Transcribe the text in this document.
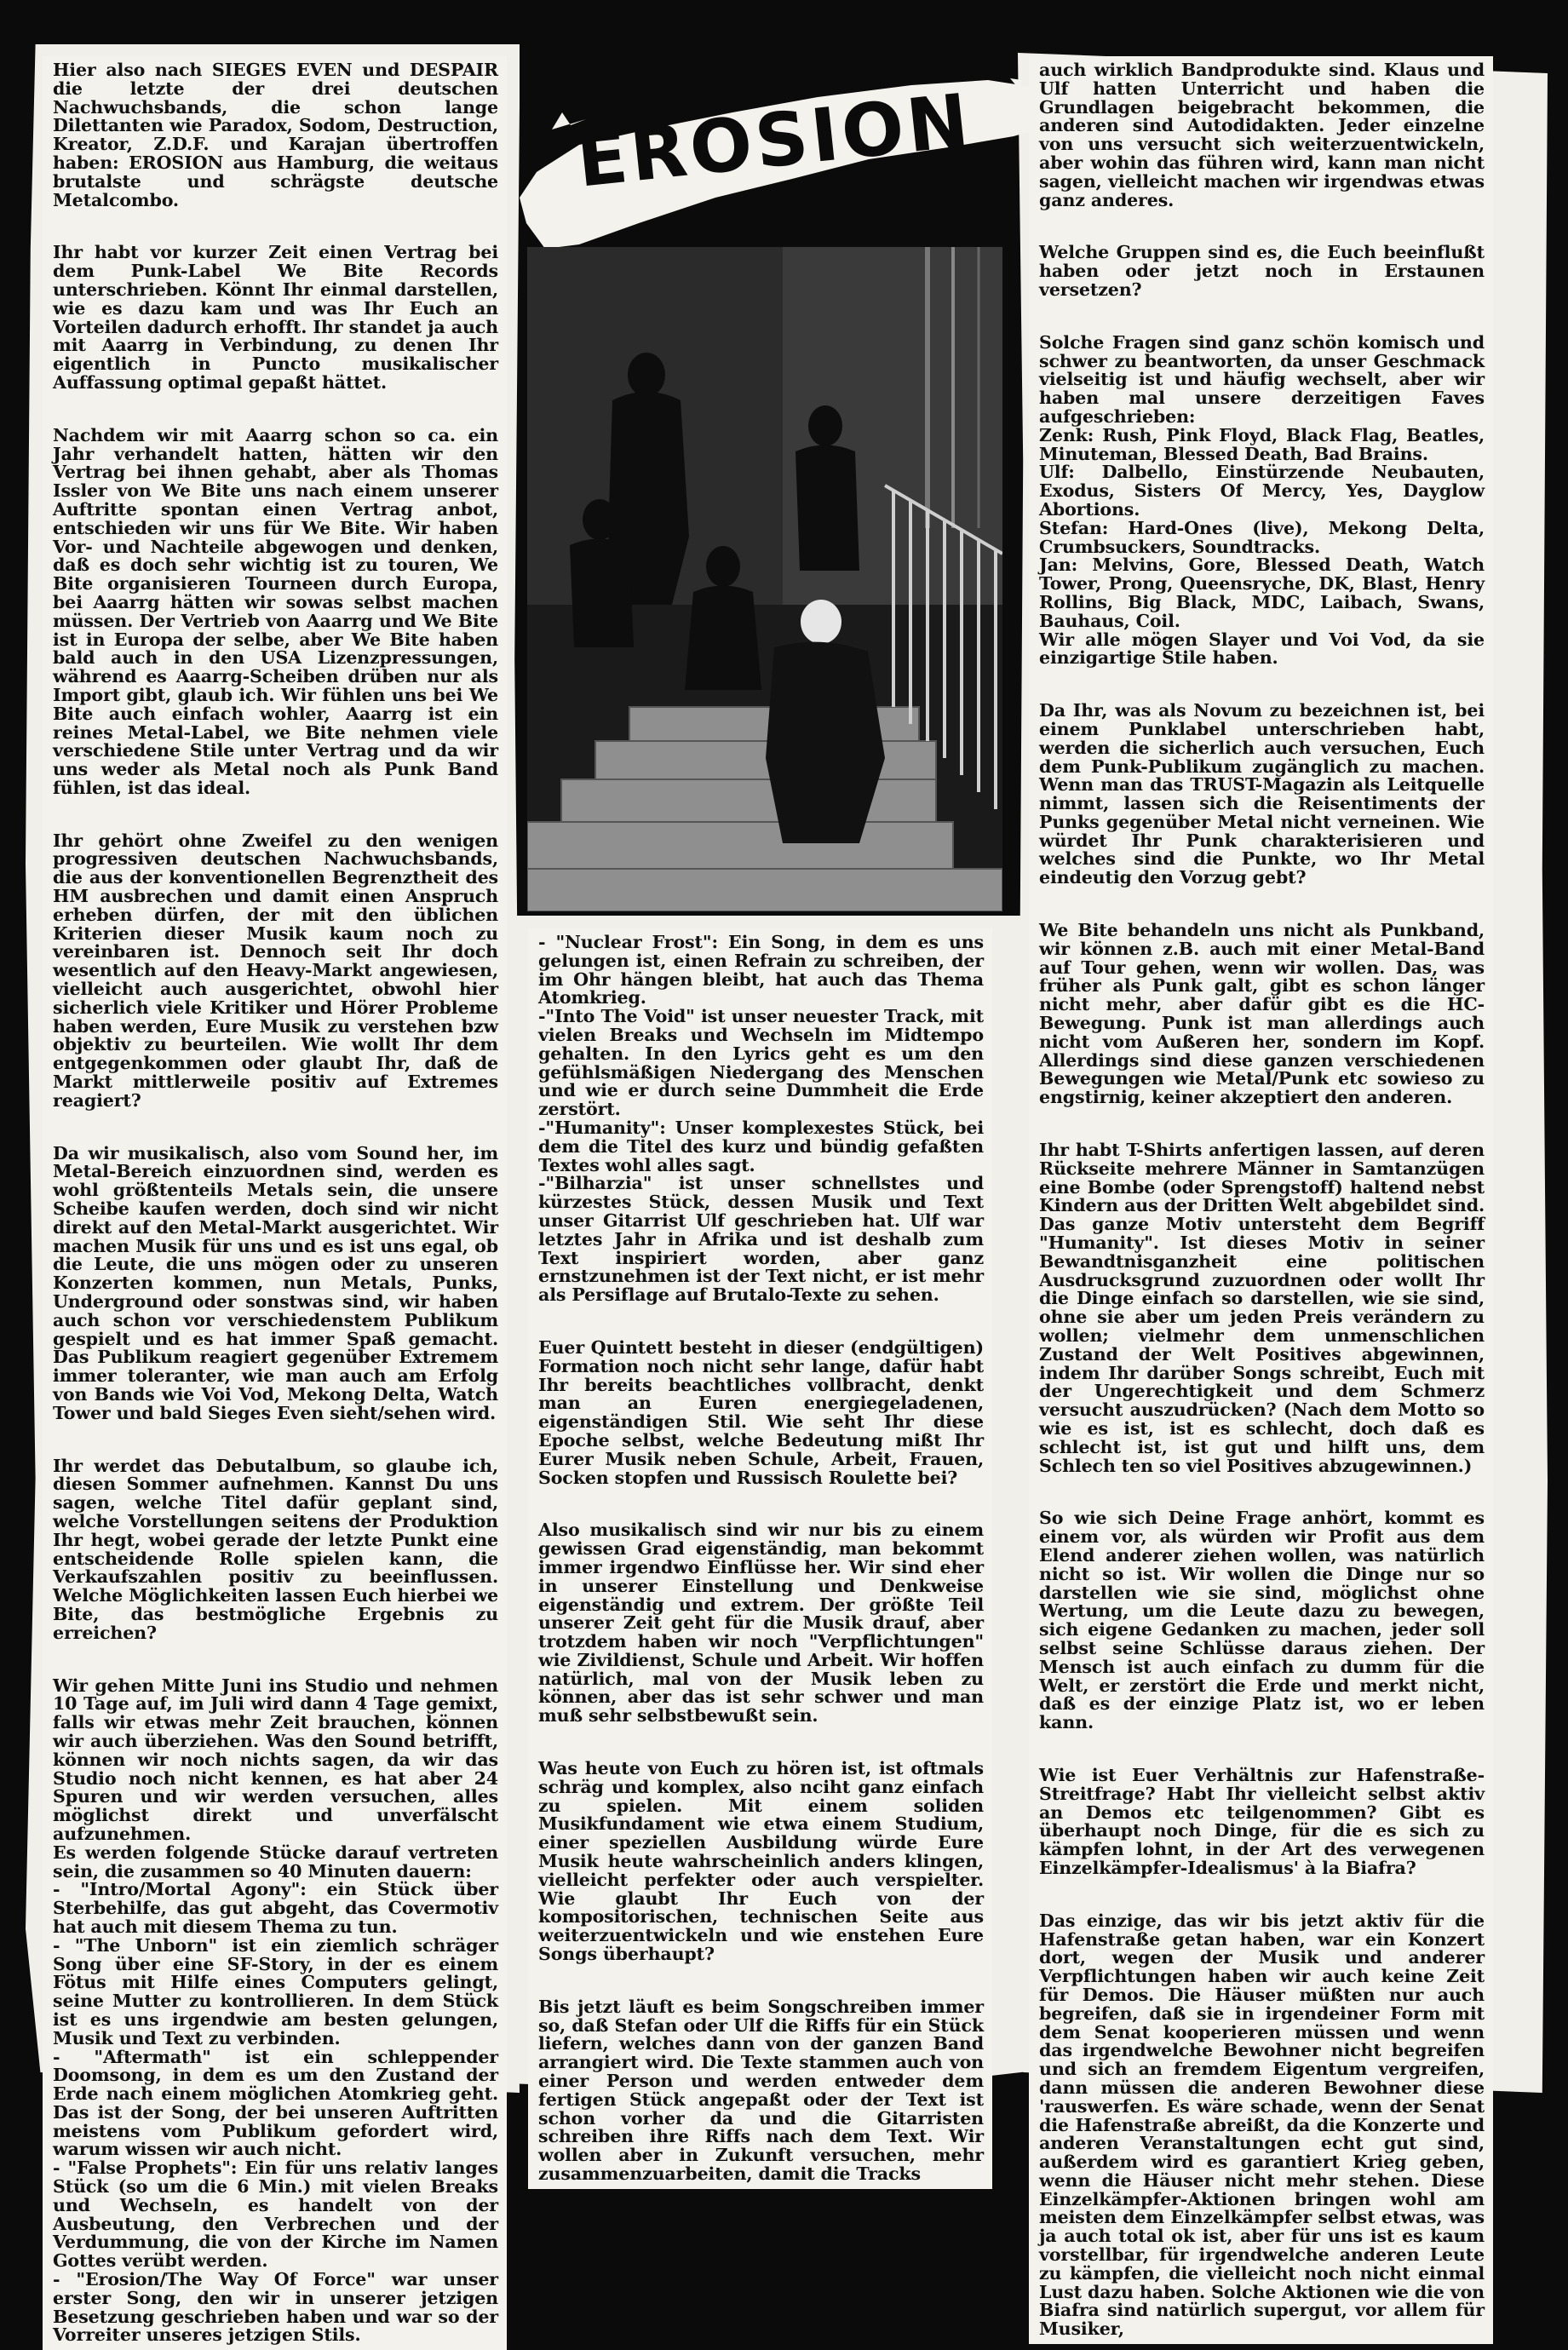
EROSION

Hier also nach SIEGES EVEN und DESPAIR die letzte der drei deutschen Nachwuchsbands, die schon lange Dilettanten wie Paradox, Sodom, Destruction, Kreator, Z.D.F. und Karajan übertroffen haben: EROSION aus Hamburg, die weitaus brutalste und schrägste deutsche Metalcombo.

Ihr habt vor kurzer Zeit einen Vertrag bei dem Punk-Label We Bite Records unterschrieben. Könnt Ihr einmal darstellen, wie es dazu kam und was Ihr Euch an Vorteilen dadurch erhofft. Ihr standet ja auch mit Aaarrg in Verbindung, zu denen Ihr eigentlich in Puncto musikalischer Auffassung optimal gepaßt hättet.

Nachdem wir mit Aaarrg schon so ca. ein Jahr verhandelt hatten, hätten wir den Vertrag bei ihnen gehabt, aber als Thomas Issler von We Bite uns nach einem unserer Auftritte spontan einen Vertrag anbot, entschieden wir uns für We Bite. Wir haben Vor- und Nachteile abgewogen und denken, daß es doch sehr wichtig ist zu touren, We Bite organisieren Tourneen durch Europa, bei Aaarrg hätten wir sowas selbst machen müssen. Der Vertrieb von Aaarrg und We Bite ist in Europa der selbe, aber We Bite haben bald auch in den USA Lizenzpressungen, während es Aaarrg-Scheiben drüben nur als Import gibt, glaub ich. Wir fühlen uns bei We Bite auch einfach wohler, Aaarrg ist ein reines Metal-Label, we Bite nehmen viele verschiedene Stile unter Vertrag und da wir uns weder als Metal noch als Punk Band fühlen, ist das ideal.

Ihr gehört ohne Zweifel zu den wenigen progressiven deutschen Nachwuchsbands, die aus der konventionellen Begrenztheit des HM ausbrechen und damit einen Anspruch erheben dürfen, der mit den üblichen Kriterien dieser Musik kaum noch zu vereinbaren ist. Dennoch seit Ihr doch wesentlich auf den Heavy-Markt angewiesen, vielleicht auch ausgerichtet, obwohl hier sicherlich viele Kritiker und Hörer Probleme haben werden, Eure Musik zu verstehen bzw objektiv zu beurteilen. Wie wollt Ihr dem entgegenkommen oder glaubt Ihr, daß de Markt mittlerweile positiv auf Extremes reagiert?

Da wir musikalisch, also vom Sound her, im Metal-Bereich einzuordnen sind, werden es wohl größtenteils Metals sein, die unsere Scheibe kaufen werden, doch sind wir nicht direkt auf den Metal-Markt ausgerichtet. Wir machen Musik für uns und es ist uns egal, ob die Leute, die uns mögen oder zu unseren Konzerten kommen, nun Metals, Punks, Underground oder sonstwas sind, wir haben auch schon vor verschiedenstem Publikum gespielt und es hat immer Spaß gemacht. Das Publikum reagiert gegenüber Extremem immer toleranter, wie man auch am Erfolg von Bands wie Voi Vod, Mekong Delta, Watch Tower und bald Sieges Even sieht/sehen wird.

Ihr werdet das Debutalbum, so glaube ich, diesen Sommer aufnehmen. Kannst Du uns sagen, welche Titel dafür geplant sind, welche Vorstellungen seitens der Produktion Ihr hegt, wobei gerade der letzte Punkt eine entscheidende Rolle spielen kann, die Verkaufszahlen positiv zu beeinflussen. Welche Möglichkeiten lassen Euch hierbei we Bite, das bestmögliche Ergebnis zu erreichen?

Wir gehen Mitte Juni ins Studio und nehmen 10 Tage auf, im Juli wird dann 4 Tage gemixt, falls wir etwas mehr Zeit brauchen, können wir auch überziehen. Was den Sound betrifft, können wir noch nichts sagen, da wir das Studio noch nicht kennen, es hat aber 24 Spuren und wir werden versuchen, alles möglichst direkt und unverfälscht aufzunehmen.

Es werden folgende Stücke darauf vertreten sein, die zusammen so 40 Minuten dauern:

- "Intro/Mortal Agony": ein Stück über Sterbehilfe, das gut abgeht, das Covermotiv hat auch mit diesem Thema zu tun.

- "The Unborn" ist ein ziemlich schräger Song über eine SF-Story, in der es einem Fötus mit Hilfe eines Computers gelingt, seine Mutter zu kontrollieren. In dem Stück ist es uns irgendwie am besten gelungen, Musik und Text zu verbinden.

- "Aftermath" ist ein schleppender Doomsong, in dem es um den Zustand der Erde nach einem möglichen Atomkrieg geht. Das ist der Song, der bei unseren Auftritten meistens vom Publikum gefordert wird, warum wissen wir auch nicht.

- "False Prophets": Ein für uns relativ langes Stück (so um die 6 Min.) mit vielen Breaks und Wechseln, es handelt von der Ausbeutung, den Verbrechen und der Verdummung, die von der Kirche im Namen Gottes verübt werden.

- "Erosion/The Way Of Force" war unser erster Song, den wir in unserer jetzigen Besetzung geschrieben haben und war so der Vorreiter unseres jetzigen Stils.

- "Nuclear Frost": Ein Song, in dem es uns gelungen ist, einen Refrain zu schreiben, der im Ohr hängen bleibt, hat auch das Thema Atomkrieg.

-"Into The Void" ist unser neuester Track, mit vielen Breaks und Wechseln im Midtempo gehalten. In den Lyrics geht es um den gefühlsmäßigen Niedergang des Menschen und wie er durch seine Dummheit die Erde zerstört.

-"Humanity": Unser komplexestes Stück, bei dem die Titel des kurz und bündig gefaßten Textes wohl alles sagt.

-"Bilharzia" ist unser schnellstes und kürzestes Stück, dessen Musik und Text unser Gitarrist Ulf geschrieben hat. Ulf war letztes Jahr in Afrika und ist deshalb zum Text inspiriert worden, aber ganz ernstzunehmen ist der Text nicht, er ist mehr als Persiflage auf Brutalo-Texte zu sehen.

Euer Quintett besteht in dieser (endgültigen) Formation noch nicht sehr lange, dafür habt Ihr bereits beachtliches vollbracht, denkt man an Euren energiegeladenen, eigenständigen Stil. Wie seht Ihr diese Epoche selbst, welche Bedeutung mißt Ihr Eurer Musik neben Schule, Arbeit, Frauen, Socken stopfen und Russisch Roulette bei?

Also musikalisch sind wir nur bis zu einem gewissen Grad eigenständig, man bekommt immer irgendwo Einflüsse her. Wir sind eher in unserer Einstellung und Denkweise eigenständig und extrem. Der größte Teil unserer Zeit geht für die Musik drauf, aber trotzdem haben wir noch "Verpflichtungen" wie Zivildienst, Schule und Arbeit. Wir hoffen natürlich, mal von der Musik leben zu können, aber das ist sehr schwer und man muß sehr selbstbewußt sein.

Was heute von Euch zu hören ist, ist oftmals schräg und komplex, also nciht ganz einfach zu spielen. Mit einem soliden Musikfundament wie etwa einem Studium, einer speziellen Ausbildung würde Eure Musik heute wahrscheinlich anders klingen, vielleicht perfekter oder auch verspielter. Wie glaubt Ihr Euch von der kompositorischen, technischen Seite aus weiterzuentwickeln und wie enstehen Eure Songs überhaupt?

Bis jetzt läuft es beim Songschreiben immer so, daß Stefan oder Ulf die Riffs für ein Stück liefern, welches dann von der ganzen Band arrangiert wird. Die Texte stammen auch von einer Person und werden entweder dem fertigen Stück angepaßt oder der Text ist schon vorher da und die Gitarristen schreiben ihre Riffs nach dem Text. Wir wollen aber in Zukunft versuchen, mehr zusammenzuarbeiten, damit die Tracks

auch wirklich Bandprodukte sind. Klaus und Ulf hatten Unterricht und haben die Grundlagen beigebracht bekommen, die anderen sind Autodidakten. Jeder einzelne von uns versucht sich weiterzuentwickeln, aber wohin das führen wird, kann man nicht sagen, vielleicht machen wir irgendwas etwas ganz anderes.

Welche Gruppen sind es, die Euch beeinflußt haben oder jetzt noch in Erstaunen versetzen?

Solche Fragen sind ganz schön komisch und schwer zu beantworten, da unser Geschmack vielseitig ist und häufig wechselt, aber wir haben mal unsere derzeitigen Faves aufgeschrieben:

Zenk: Rush, Pink Floyd, Black Flag, Beatles, Minuteman, Blessed Death, Bad Brains.

Ulf: Dalbello, Einstürzende Neubauten, Exodus, Sisters Of Mercy, Yes, Dayglow Abortions.

Stefan: Hard-Ones (live), Mekong Delta, Crumbsuckers, Soundtracks.

Jan: Melvins, Gore, Blessed Death, Watch Tower, Prong, Queensryche, DK, Blast, Henry Rollins, Big Black, MDC, Laibach, Swans, Bauhaus, Coil.

Wir alle mögen Slayer und Voi Vod, da sie einzigartige Stile haben.

Da Ihr, was als Novum zu bezeichnen ist, bei einem Punklabel unterschrieben habt, werden die sicherlich auch versuchen, Euch dem Punk-Publikum zugänglich zu machen. Wenn man das TRUST-Magazin als Leitquelle nimmt, lassen sich die Reisentiments der Punks gegenüber Metal nicht verneinen. Wie würdet Ihr Punk charakterisieren und welches sind die Punkte, wo Ihr Metal eindeutig den Vorzug gebt?

We Bite behandeln uns nicht als Punkband, wir können z.B. auch mit einer Metal-Band auf Tour gehen, wenn wir wollen. Das, was früher als Punk galt, gibt es schon länger nicht mehr, aber dafür gibt es die HC-Bewegung. Punk ist man allerdings auch nicht vom Außeren her, sondern im Kopf. Allerdings sind diese ganzen verschiedenen Bewegungen wie Metal/Punk etc sowieso zu engstirnig, keiner akzeptiert den anderen.

Ihr habt T-Shirts anfertigen lassen, auf deren Rückseite mehrere Männer in Samtanzügen eine Bombe (oder Sprengstoff) haltend nebst Kindern aus der Dritten Welt abgebildet sind. Das ganze Motiv untersteht dem Begriff "Humanity". Ist dieses Motiv in seiner Bewandtnisganzheit eine politischen Ausdrucksgrund zuzuordnen oder wollt Ihr die Dinge einfach so darstellen, wie sie sind, ohne sie aber um jeden Preis verändern zu wollen; vielmehr dem unmenschlichen Zustand der Welt Positives abgewinnen, indem Ihr darüber Songs schreibt, Euch mit der Ungerechtigkeit und dem Schmerz versucht auszudrücken? (Nach dem Motto so wie es ist, ist es schlecht, doch daß es schlecht ist, ist gut und hilft uns, dem Schlech ten so viel Positives abzugewinnen.)

So wie sich Deine Frage anhört, kommt es einem vor, als würden wir Profit aus dem Elend anderer ziehen wollen, was natürlich nicht so ist. Wir wollen die Dinge nur so darstellen wie sie sind, möglichst ohne Wertung, um die Leute dazu zu bewegen, sich eigene Gedanken zu machen, jeder soll selbst seine Schlüsse daraus ziehen. Der Mensch ist auch einfach zu dumm für die Welt, er zerstört die Erde und merkt nicht, daß es der einzige Platz ist, wo er leben kann.

Wie ist Euer Verhältnis zur Hafenstraße-Streitfrage? Habt Ihr vielleicht selbst aktiv an Demos etc teilgenommen? Gibt es überhaupt noch Dinge, für die es sich zu kämpfen lohnt, in der Art des verwegenen Einzelkämpfer-Idealismus' à la Biafra?

Das einzige, das wir bis jetzt aktiv für die Hafenstraße getan haben, war ein Konzert dort, wegen der Musik und anderer Verpflichtungen haben wir auch keine Zeit für Demos. Die Häuser müßten nur auch begreifen, daß sie in irgendeiner Form mit dem Senat kooperieren müssen und wenn das irgendwelche Bewohner nicht begreifen und sich an fremdem Eigentum vergreifen, dann müssen die anderen Bewohner diese 'rauswerfen. Es wäre schade, wenn der Senat die Hafenstraße abreißt, da die Konzerte und anderen Veranstaltungen echt gut sind, außerdem wird es garantiert Krieg geben, wenn die Häuser nicht mehr stehen. Diese Einzelkämpfer-Aktionen bringen wohl am meisten dem Einzelkämpfer selbst etwas, was ja auch total ok ist, aber für uns ist es kaum vorstellbar, für irgendwelche anderen Leute zu kämpfen, die vielleicht noch nicht einmal Lust dazu haben. Solche Aktionen wie die von Biafra sind natürlich supergut, vor allem für Musiker,
